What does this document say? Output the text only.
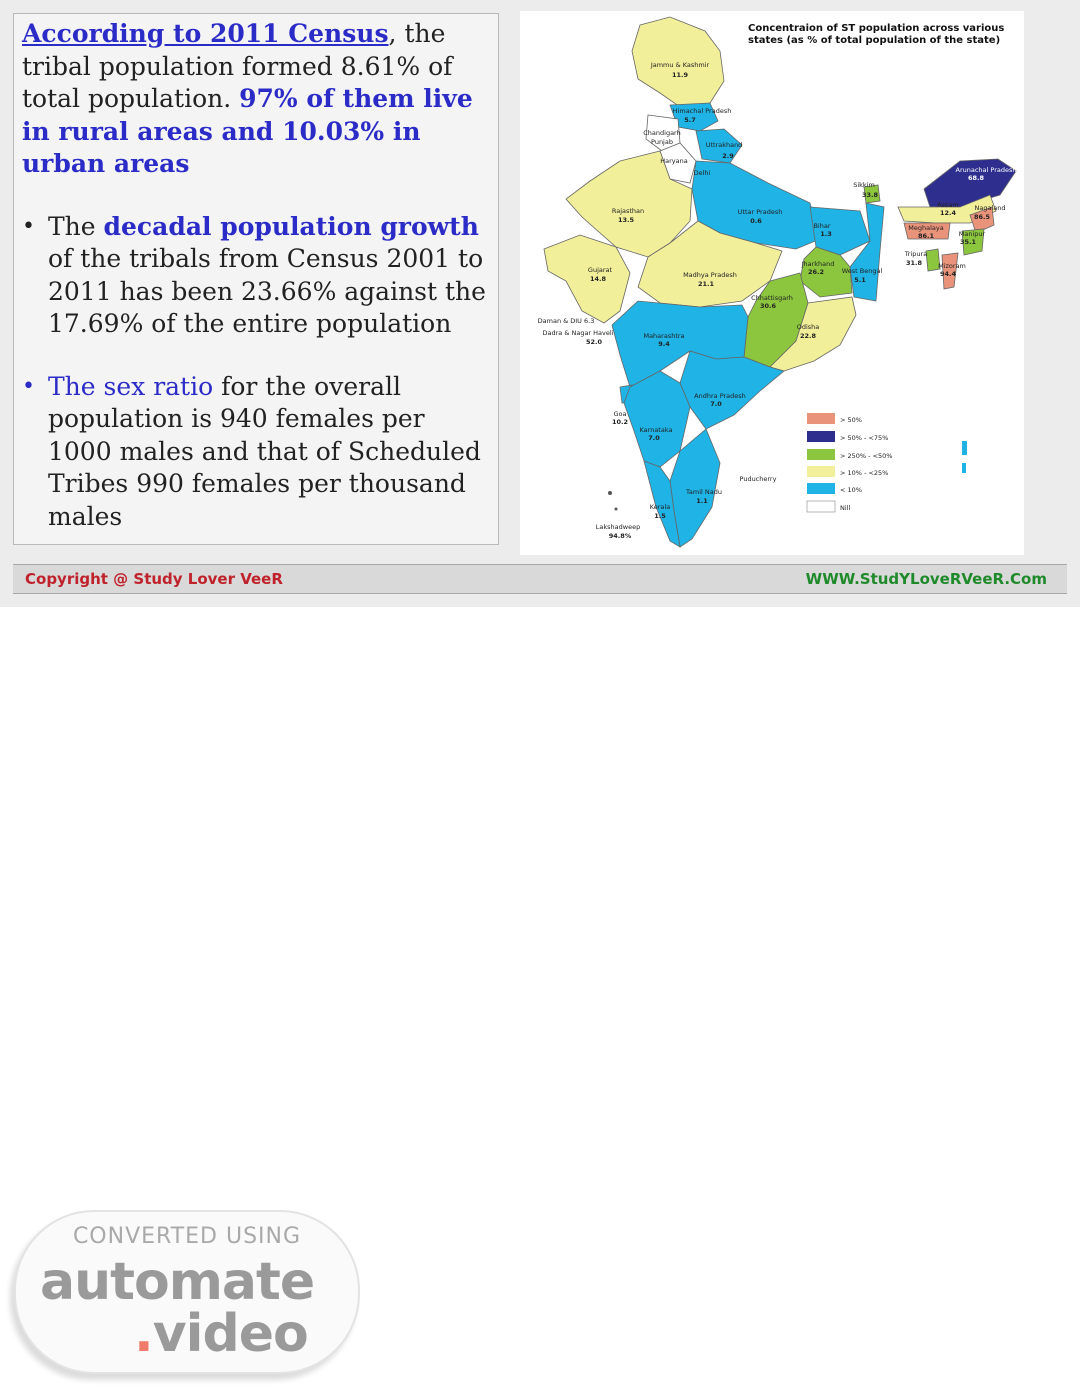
According to 2011 Census, the tribal population formed 8.61% of total population. 97% of them live in rural areas and 10.03% in urban areas

• The decadal population growth of the tribals from Census 2001 to 2011 has been 23.66% against the 17.69% of the entire population
• The sex ratio for the overall population is 940 females per 1000 males and that of Scheduled Tribes 990 females per thousand males
Concentraion of ST population across various
states (as % of total population of the state)
Jammu & Kashmir
11.9
Himachal Pradesh
5.7
Chandigarh
Punjab	Uttrakhand
2.9
Haryana
Delhi
Rajasthan
13.5
Uttar Pradesh
0.6
Sikkim
33.8
Arunachal Pradesh
68.8
Assam
12.4
Nagaland
86.5
Meghalaya
86.1	Manipur
35.1
Bihar
1.3
Gujarat
14.8	Madhya Pradesh
21.1
Jharkhand
26.2	West Bengal
5.1
Tripura
31.8 Mizoram
94.4
Daman & DIU 6.3
Dadra & Nagar Haveli
52.0
Chhattisgarh
30.6
Odisha
22.8
Maharashtra
9.4
Andhra Pradesh
7.0
Goa
10.2
Karnataka
7.0
Puducherry
Tamil Nadu
1.1
Kerala
1.5
Lakshadweep
94.8%
> 50%
> 50% - <75%
> 250% - <50%
> 10% - <25%
< 10%
Nill
Copyright @ Study Lover VeeR	WWW.StudYLoveRVeeR.Com
CONVERTED USING
automate
.video
